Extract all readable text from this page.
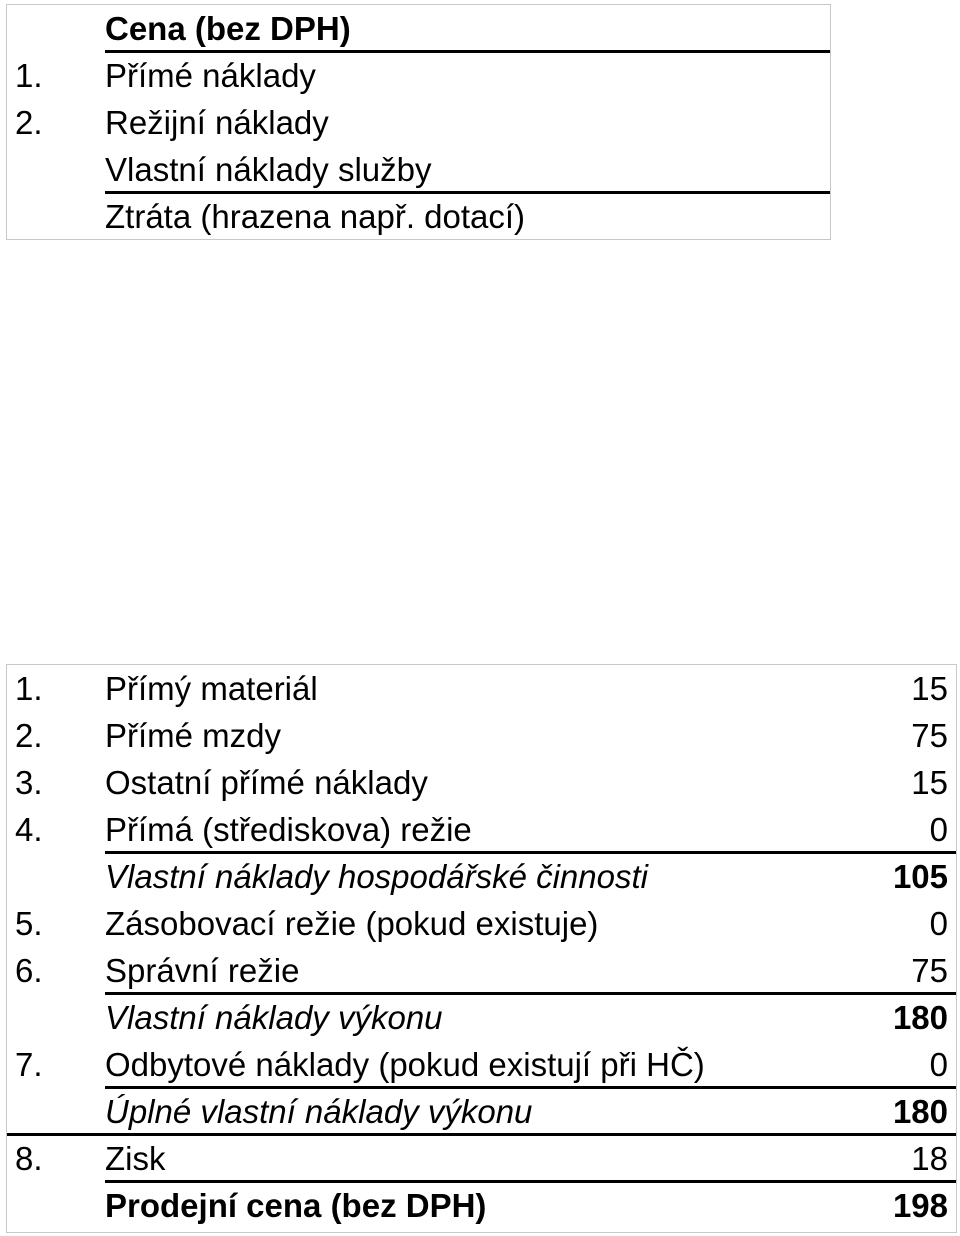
Cena (bez DPH)
1. Přímé náklady
2. Režijní náklady
Vlastní náklady služby
Ztráta (hrazena např. dotací)
1. Přímý materiál	15
2. Přímé mzdy	75
3. Ostatní přímé náklady	15
4. Přímá (střediskova) režie	0
Vlastní náklady hospodářské činnosti	105
5. Zásobovací režie (pokud existuje)	0
6. Správní režie	75
Vlastní náklady výkonu	180
7. Odbytové náklady (pokud existují při HČ)	0
Úplné vlastní náklady výkonu	180
8. Zisk	18
Prodejní cena (bez DPH)	198
